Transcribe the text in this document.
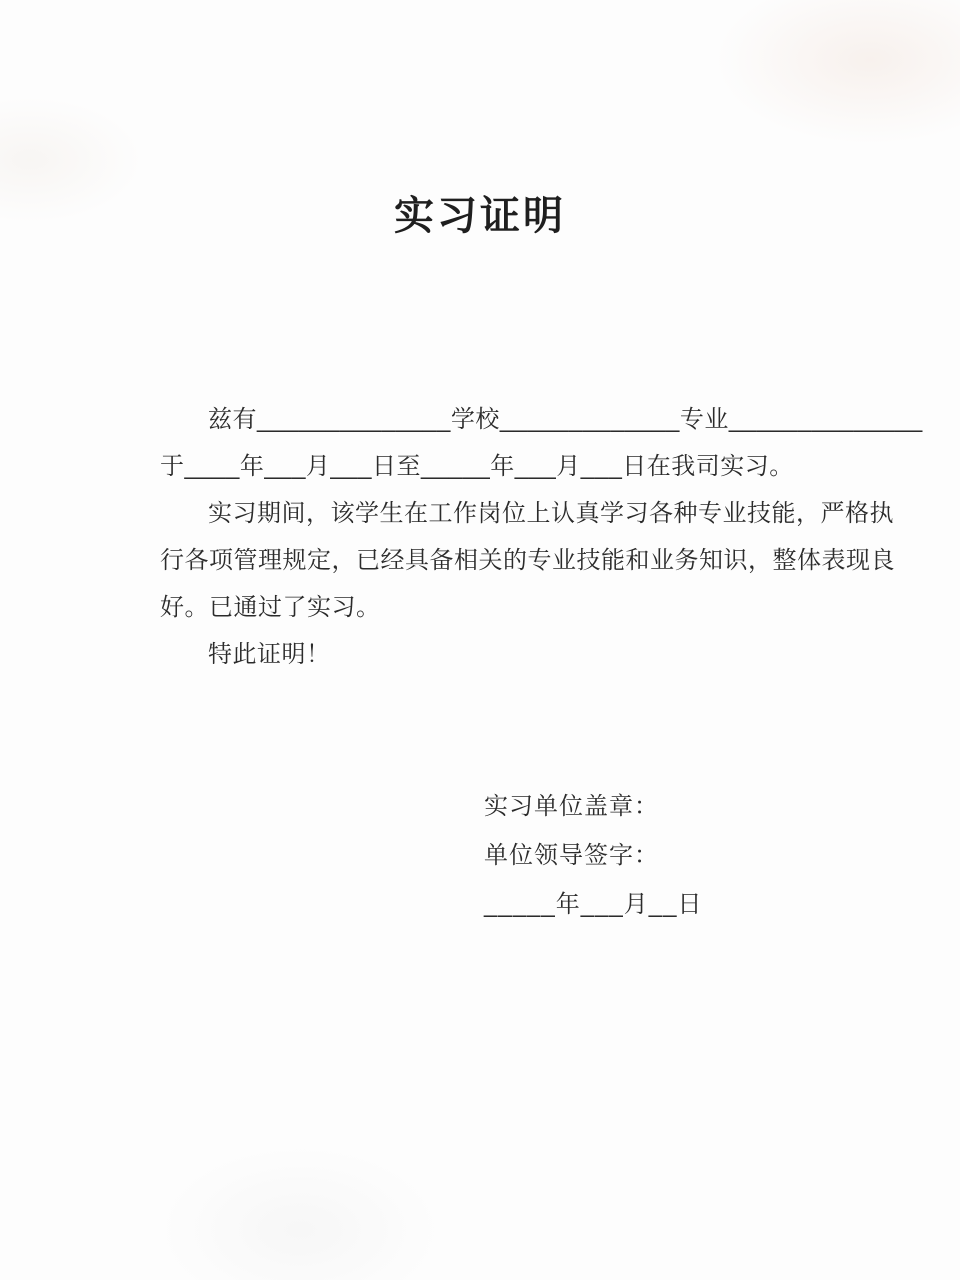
实习证明
兹有______________学校_____________专业______________
于____年___月___日至_____年___月___日在我司实习。
实习期间，该学生在工作岗位上认真学习各种专业技能，严格执
行各项管理规定，已经具备相关的专业技能和业务知识，整体表现良
好。已通过了实习。
特此证明！
实习单位盖章：
单位领导签字：
_____年___月__日
